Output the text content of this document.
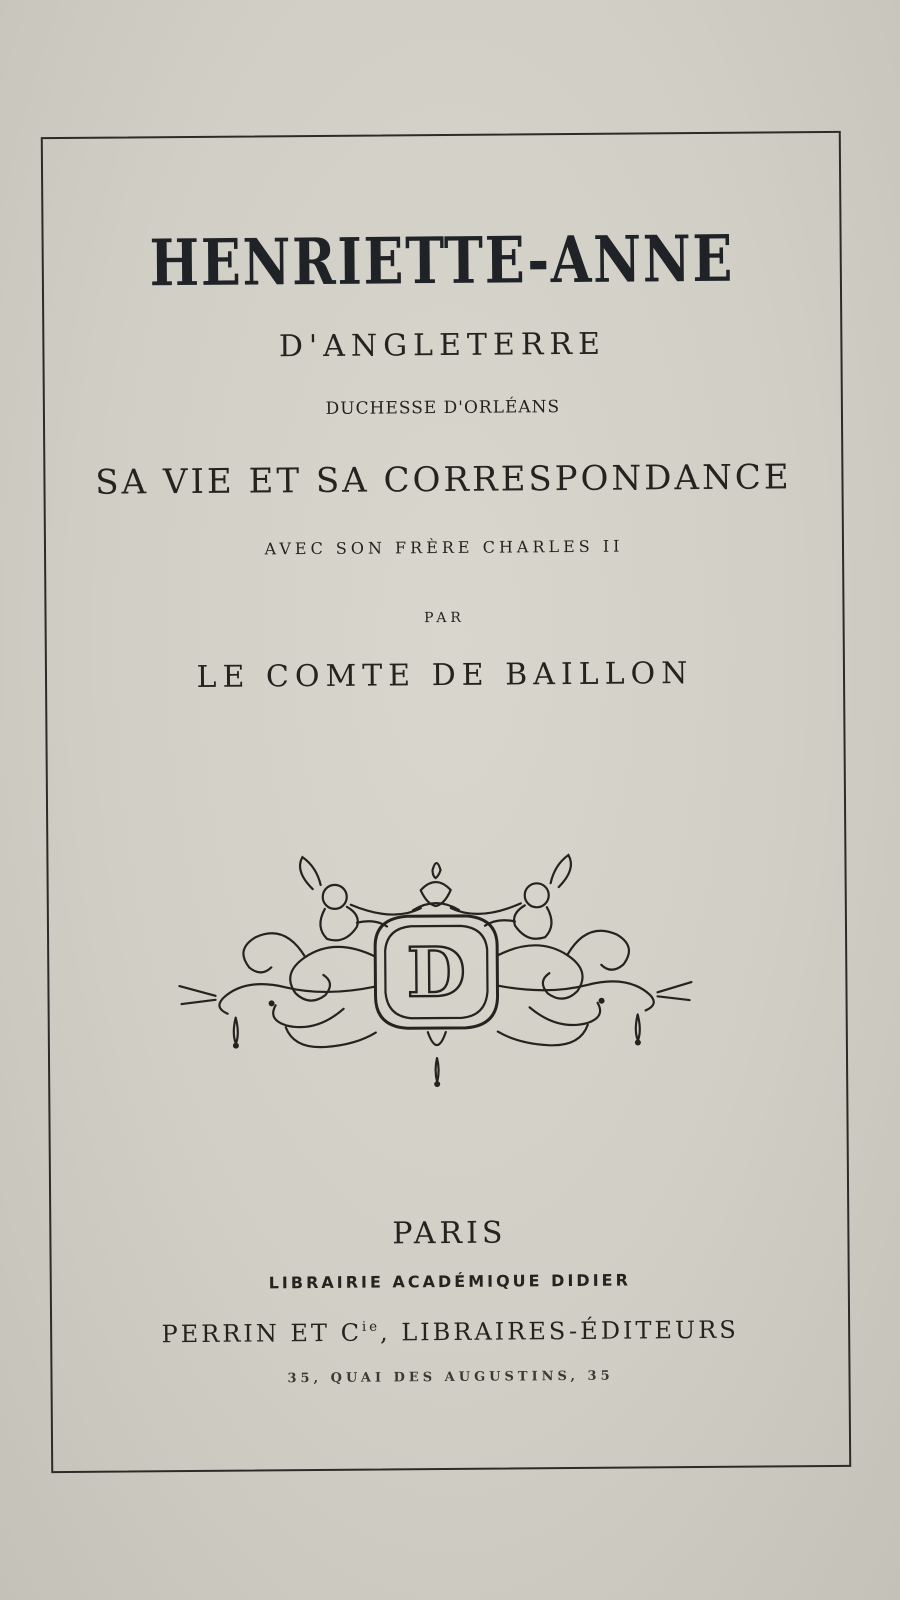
HENRIETTE-ANNE
D'ANGLETERRE
DUCHESSE D'ORLÉANS
SA VIE ET SA CORRESPONDANCE
AVEC SON FRÈRE CHARLES II
PAR
LE COMTE DE BAILLON
D
PARIS
LIBRAIRIE ACADÉMIQUE DIDIER
PERRIN ET $C^{ie}$, LIBRAIRES-ÉDITEURS
35, QUAI DES AUGUSTINS, 35
